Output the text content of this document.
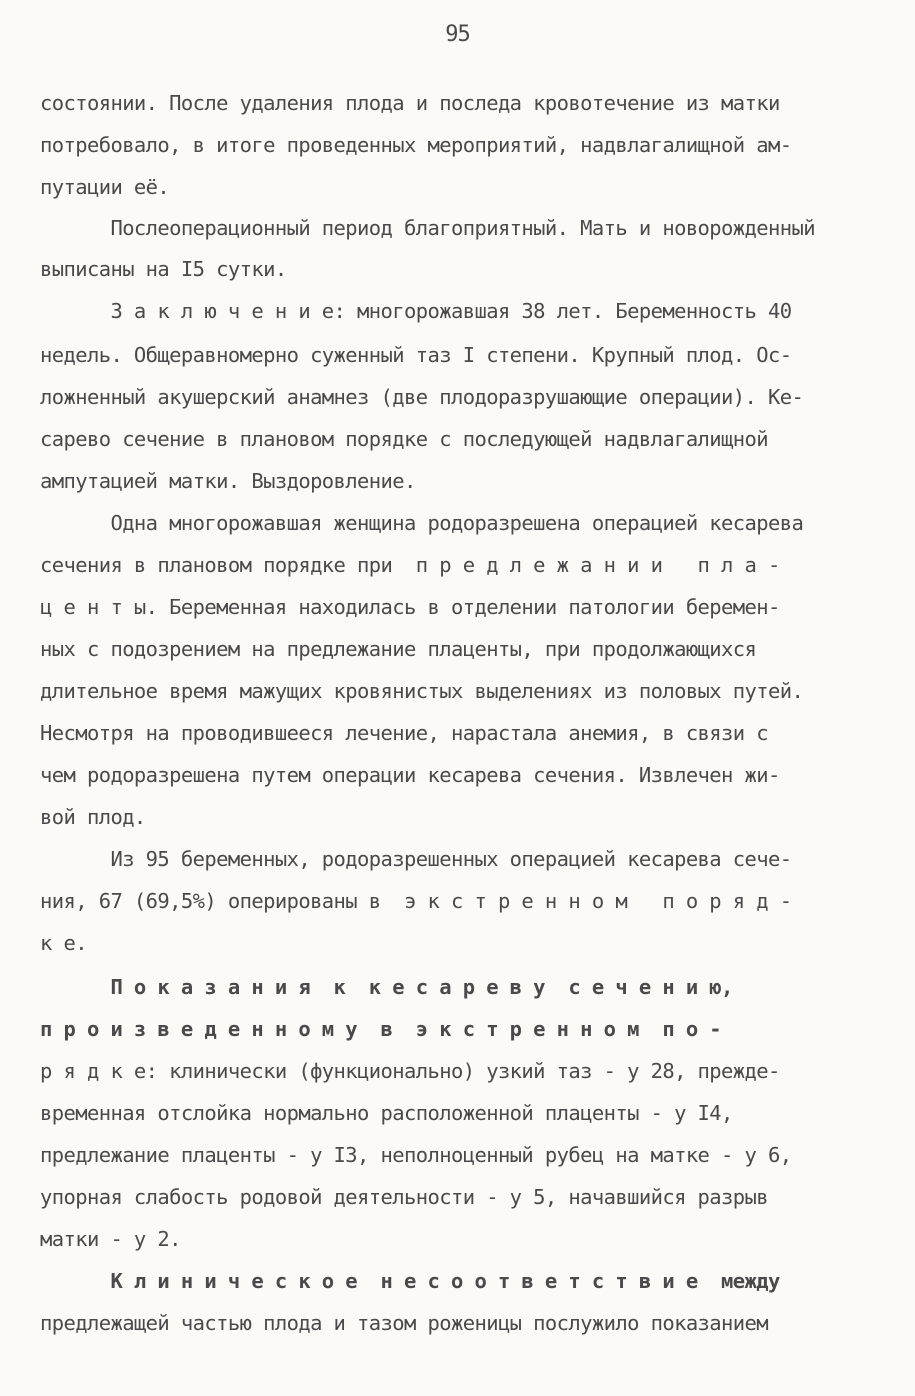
95
состоянии. После удаления плода и последа кровотечение из матки
потребовало, в итоге проведенных мероприятий, надвлагалищной ам-
путации её.
Послеоперационный период благоприятный. Мать и новорожденный
выписаны на I5 сутки.
З а к л ю ч е н и е: многорожавшая 38 лет. Беременность 40
недель. Общеравномерно суженный таз I степени. Крупный плод. Ос-
ложненный акушерский анамнез (две плодоразрушающие операции). Ке-
сарево сечение в плановом порядке с последующей надвлагалищной
ампутацией матки. Выздоровление.
Одна многорожавшая женщина родоразрешена операцией кесарева
сечения в плановом порядке при  п р е д л е ж а н и и   п л а -
ц е н т ы. Беременная находилась в отделении патологии беремен-
ных с подозрением на предлежание плаценты, при продолжающихся
длительное время мажущих кровянистых выделениях из половых путей.
Несмотря на проводившееся лечение, нарастала анемия, в связи с
чем родоразрешена путем операции кесарева сечения. Извлечен жи-
вой плод.
Из 95 беременных, родоразрешенных операцией кесарева сече-
ния, 67 (69,5%) оперированы в  э к с т р е н н о м   п о р я д -
к е.
П о к а з а н и я  к  к е с а р е в у  с е ч е н и ю,
п р о и з в е д е н н о м у  в  э к с т р е н н о м  п о -
р я д к е: клинически (функционально) узкий таз - у 28, прежде-
временная отслойка нормально расположенной плаценты - у I4,
предлежание плаценты - у I3, неполноценный рубец на матке - у 6,
упорная слабость родовой деятельности - у 5, начавшийся разрыв
матки - у 2.
К л и н и ч е с к о е  н е с о о т в е т с т в и е  между
предлежащей частью плода и тазом роженицы послужило показанием
